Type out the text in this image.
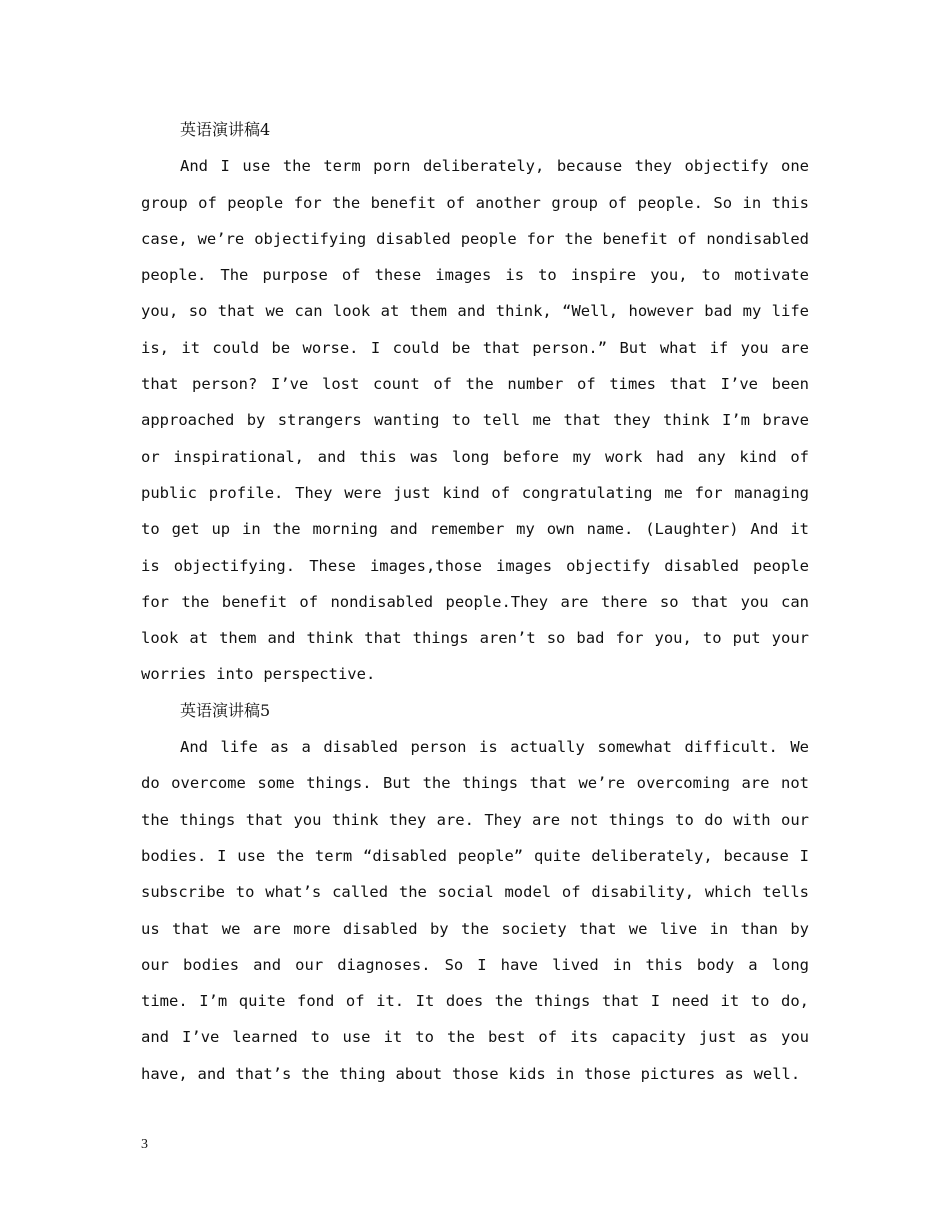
英语演讲稿4

And I use the term porn deliberately, because they objectify one group of people for the benefit of another group of people. So in this case, we’re objectifying disabled people for the benefit of nondisabled people. The purpose of these images is to inspire you, to motivate you, so that we can look at them and think, “Well, however bad my life is, it could be worse. I could be that person.” But what if you are that person? I’ve lost count of the number of times that I’ve been approached by strangers wanting to tell me that they think I’m brave or inspirational, and this was long before my work had any kind of public profile. They were just kind of congratulating me for managing to get up in the morning and remember my own name. (Laughter) And it is objectifying. These images,those images objectify disabled people for the benefit of nondisabled people.They are there so that you can look at them and think that things aren’t so bad for you, to put your worries into perspective.

英语演讲稿5

And life as a disabled person is actually somewhat difficult. We do overcome some things. But the things that we’re overcoming are not the things that you think they are. They are not things to do with our bodies. I use the term “disabled people” quite deliberately, because I subscribe to what’s called the social model of disability, which tells us that we are more disabled by the society that we live in than by our bodies and our diagnoses. So I have lived in this body a long time. I’m quite fond of it. It does the things that I need it to do, and I’ve learned to use it to the best of its capacity just as you have, and that’s the thing about those kids in those pictures as well.

3
